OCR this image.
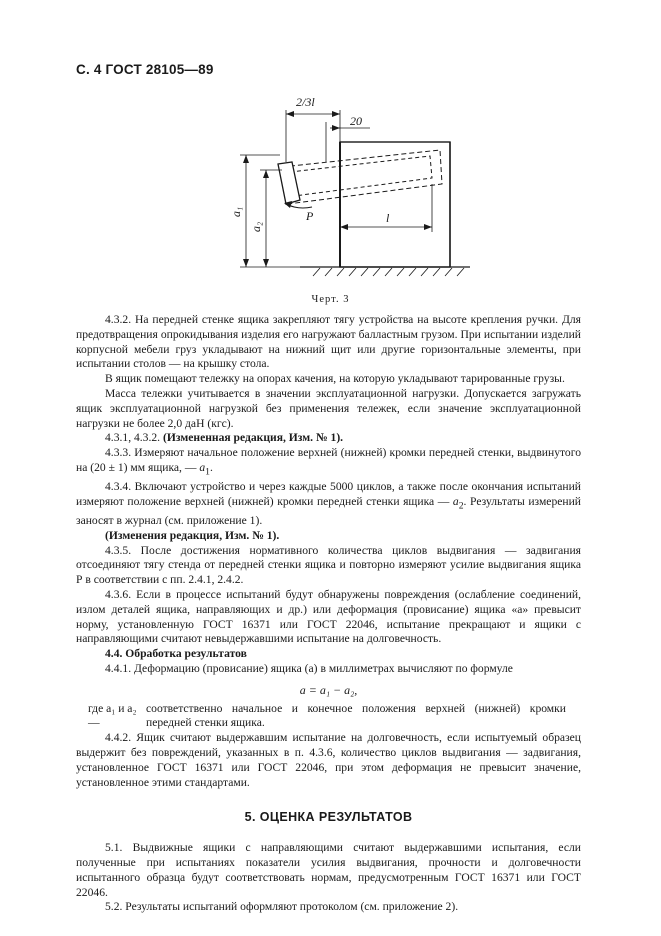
С. 4 ГОСТ 28105—89
2/3l
20
a₁
a₂
P	l
Черт. 3

4.3.2. На передней стенке ящика закрепляют тягу устройства на высоте крепления ручки. Для предотвращения опрокидывания изделия его нагружают балластным грузом. При испытании изделий корпусной мебели груз укладывают на нижний щит или другие горизонтальные элементы, при испытании столов — на крышку стола.

В ящик помещают тележку на опорах качения, на которую укладывают тарированные грузы.

Масса тележки учитывается в значении эксплуатационной нагрузки. Допускается загружать ящик эксплуатационной нагрузкой без применения тележек, если значение эксплуатационной нагрузки не более 2,0 даН (кгс).

4.3.1, 4.3.2. (Измененная редакция, Изм. № 1).

4.3.3. Измеряют начальное положение верхней (нижней) кромки передней стенки, выдвинутого на (20 ± 1) мм ящика, — $a_1$.

4.3.4. Включают устройство и через каждые 5000 циклов, а также после окончания испытаний измеряют положение верхней (нижней) кромки передней стенки ящика — $a_2$. Результаты измерений заносят в журнал (см. приложение 1).

(Изменения редакция, Изм. № 1).

4.3.5. После достижения нормативного количества циклов выдвигания — задвигания отсоединяют тягу стенда от передней стенки ящика и повторно измеряют усилие выдвигания ящика Р в соответствии с пп. 2.4.1, 2.4.2.

4.3.6. Если в процессе испытаний будут обнаружены повреждения (ослабление соединений, излом деталей ящика, направляющих и др.) или деформация (провисание) ящика «а» превысит норму, установленную ГОСТ 16371 или ГОСТ 22046, испытание прекращают и ящики с направляющими считают невыдержавшими испытание на долговечность.

4.4. Обработка результатов

4.4.1. Деформацию (провисание) ящика (а) в миллиметрах вычисляют по формуле

a = a₁ − a₂,
где a₁ и a₂ —соответственно начальное и конечное положения верхней (нижней) кромки передней стенки ящика.

4.4.2. Ящик считают выдержавшим испытание на долговечность, если испытуемый образец выдержит без повреждений, указанных в п. 4.3.6, количество циклов выдвигания — задвигания, установленное ГОСТ 16371 или ГОСТ 22046, при этом деформация не превысит значение, установленное этими стандартами.

5. ОЦЕНКА РЕЗУЛЬТАТОВ

5.1. Выдвижные ящики с направляющими считают выдержавшими испытания, если полученные при испытаниях показатели усилия выдвигания, прочности и долговечности испытанного образца будут соответствовать нормам, предусмотренным ГОСТ 16371 или ГОСТ 22046.

5.2. Результаты испытаний оформляют протоколом (см. приложение 2).
